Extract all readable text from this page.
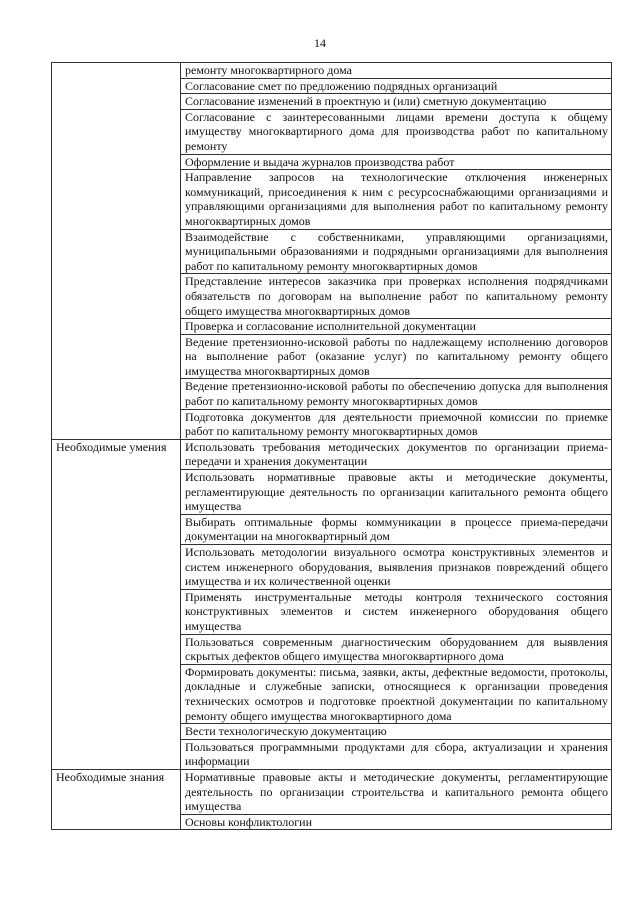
14

	ремонту многоквартирного дома

	Согласование смет по предложению подрядных организаций

	Согласование изменений в проектную и (или) сметную документацию

	Согласование с заинтересованными лицами времени доступа к общему имуществу многоквартирного дома для производства работ по капитальному ремонту

	Оформление и выдача журналов производства работ

	Направление запросов на технологические отключения инженерных коммуникаций, присоединения к ним с ресурсоснабжающими организациями и управляющими организациями для выполнения работ по капитальному ремонту многоквартирных домов

	Взаимодействие с собственниками, управляющими организациями, муниципальными образованиями и подрядными организациями для выполнения работ по капитальному ремонту многоквартирных домов

	Представление интересов заказчика при проверках исполнения подрядчиками обязательств по договорам на выполнение работ по капитальному ремонту общего имущества многоквартирных домов

	Проверка и согласование исполнительной документации

	Ведение претензионно-исковой работы по надлежащему исполнению договоров на выполнение работ (оказание услуг) по капитальному ремонту общего имущества многоквартирных домов

	Ведение претензионно-исковой работы по обеспечению допуска для выполнения работ по капитальному ремонту многоквартирных домов

	Подготовка документов для деятельности приемочной комиссии по приемке работ по капитальному ремонту многоквартирных домов

Необходимые умения	Использовать требования методических документов по организации приема-передачи и хранения документации

	Использовать нормативные правовые акты и методические документы, регламентирующие деятельность по организации капитального ремонта общего имущества

	Выбирать оптимальные формы коммуникации в процессе приема-передачи документации на многоквартирный дом

	Использовать методологии визуального осмотра конструктивных элементов и систем инженерного оборудования, выявления признаков повреждений общего имущества и их количественной оценки

	Применять инструментальные методы контроля технического состояния конструктивных элементов и систем инженерного оборудования общего имущества

	Пользоваться современным диагностическим оборудованием для выявления скрытых дефектов общего имущества многоквартирного дома

	Формировать документы: письма, заявки, акты, дефектные ведомости, протоколы, докладные и служебные записки, относящиеся к организации проведения технических осмотров и подготовке проектной документации по капитальному ремонту общего имущества многоквартирного дома

	Вести технологическую документацию

	Пользоваться программными продуктами для сбора, актуализации и хранения информации

Необходимые знания	Нормативные правовые акты и методические документы, регламентирующие деятельность по организации строительства и капитального ремонта общего имущества

	Основы конфликтологии
